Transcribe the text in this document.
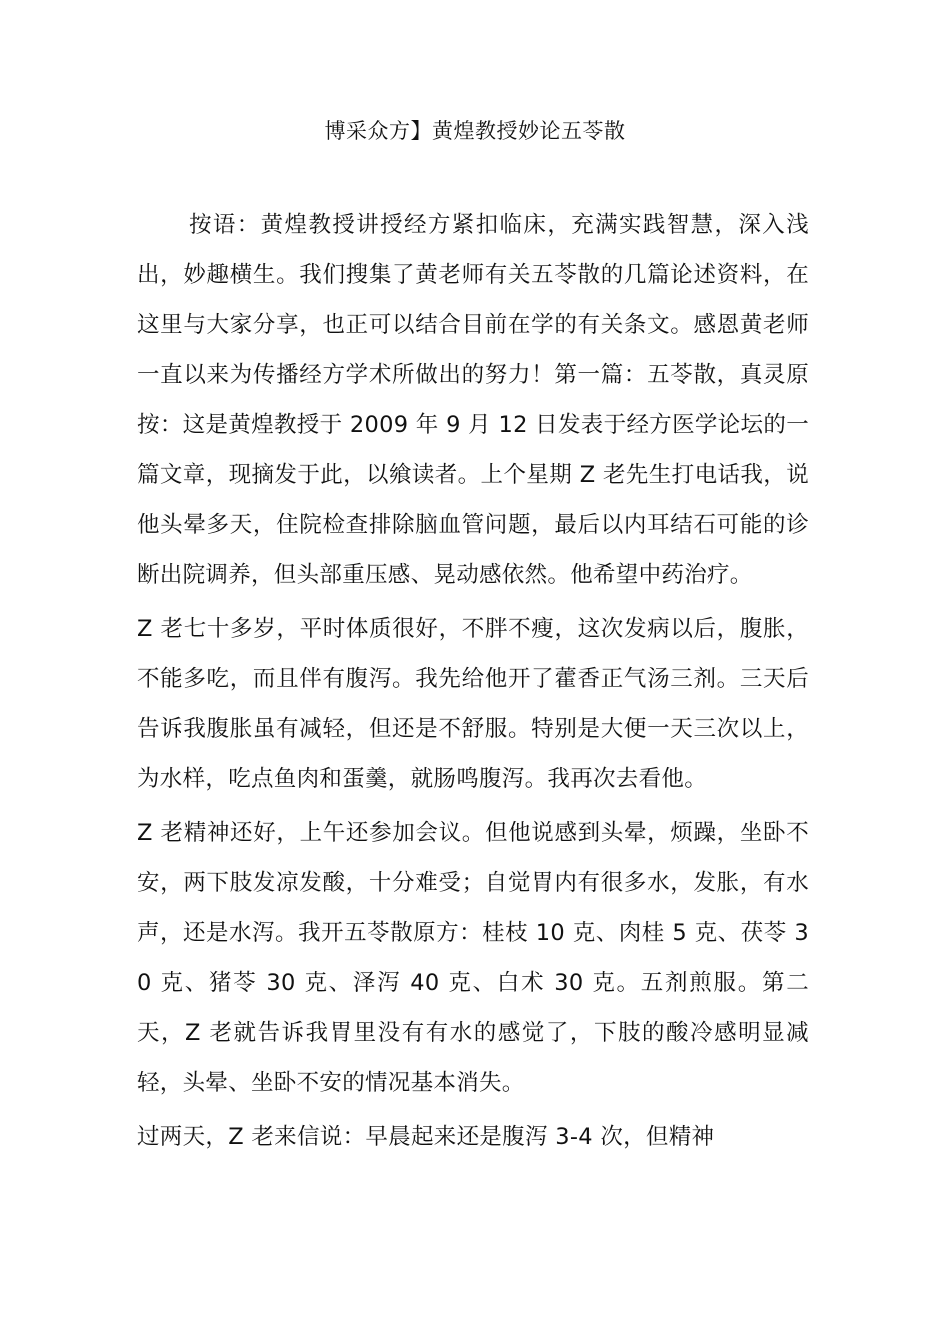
博采众方】黄煌教授妙论五苓散

按语：黄煌教授讲授经方紧扣临床，充满实践智慧，深入浅出，妙趣横生。我们搜集了黄老师有关五苓散的几篇论述资料，在这里与大家分享，也正可以结合目前在学的有关条文。感恩黄老师一直以来为传播经方学术所做出的努力！第一篇：五苓散，真灵原按：这是黄煌教授于 2009 年 9 月 12 日发表于经方医学论坛的一篇文章，现摘发于此，以飨读者。上个星期 Z 老先生打电话我，说他头晕多天，住院检查排除脑血管问题，最后以内耳结石可能的诊断出院调养，但头部重压感、晃动感依然。他希望中药治疗。

Z 老七十多岁，平时体质很好，不胖不瘦，这次发病以后，腹胀，不能多吃，而且伴有腹泻。我先给他开了藿香正气汤三剂。三天后告诉我腹胀虽有减轻，但还是不舒服。特别是大便一天三次以上，为水样，吃点鱼肉和蛋羹，就肠鸣腹泻。我再次去看他。

Z 老精神还好，上午还参加会议。但他说感到头晕，烦躁，坐卧不安，两下肢发凉发酸，十分难受；自觉胃内有很多水，发胀，有水声，还是水泻。我开五苓散原方：桂枝 10 克、肉桂 5 克、茯苓 30 克、猪苓 30 克、泽泻 40 克、白术 30 克。五剂煎服。第二天，Z 老就告诉我胃里没有有水的感觉了，下肢的酸冷感明显减轻，头晕、坐卧不安的情况基本消失。

过两天，Z 老来信说：早晨起来还是腹泻 3-4 次，但精神
